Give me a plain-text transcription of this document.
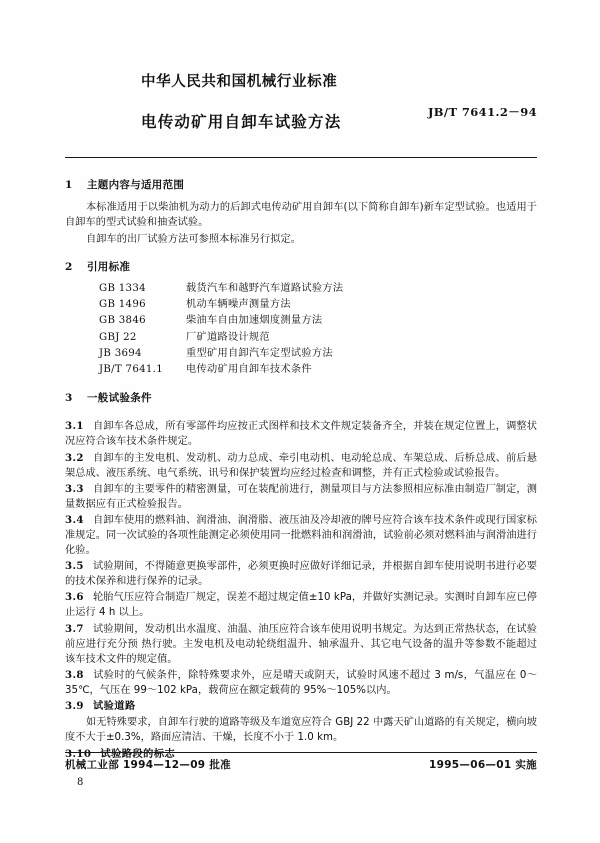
中华人民共和国机械行业标准
JB/T 7641.2－94
电传动矿用自卸车试验方法
1 主题内容与适用范围

本标准适用于以柴油机为动力的后卸式电传动矿用自卸车(以下简称自卸车)新车定型试验。也适用于自卸车的型式试验和抽查试验。

自卸车的出厂试验方法可参照本标准另行拟定。

2 引用标准
GB 1334	载货汽车和越野汽车道路试验方法
GB 1496	机动车辆噪声测量方法
GB 3846	柴油车自由加速烟度测量方法
GBJ 22	厂矿道路设计规范
JB 3694	重型矿用自卸汽车定型试验方法
JB/T 7641.1	电传动矿用自卸车技术条件
3 一般试验条件

3.1 自卸车各总成，所有零部件均应按正式图样和技术文件规定装备齐全，并装在规定位置上，调整状况应符合该车技术条件规定。

3.2 自卸车的主发电机、发动机、动力总成、牵引电动机、电动轮总成、车架总成、后桥总成、前后悬架总成、液压系统、电气系统、讯号和保护装置均应经过检查和调整，并有正式检验或试验报告。

3.3 自卸车的主要零件的精密测量，可在装配前进行，测量项目与方法参照相应标准由制造厂制定，测量数据应有正式检验报告。

3.4 自卸车使用的燃料油、润滑油、润滑脂、液压油及冷却液的牌号应符合该车技术条件或现行国家标准规定。同一次试验的各项性能测定必须使用同一批燃料油和润滑油，试验前必须对燃料油与润滑油进行化验。

3.5 试验期间，不得随意更换零部件，必须更换时应做好详细记录，并根据自卸车使用说明书进行必要的技术保养和进行保养的记录。

3.6 轮胎气压应符合制造厂规定，误差不超过规定值±10 kPa，并做好实测记录。实测时自卸车应已停止运行 4 h 以上。

3.7 试验期间，发动机出水温度、油温、油压应符合该车使用说明书规定。为达到正常热状态，在试验前应进行充分预 热行驶。主发电机及电动轮绕组温升、轴承温升、其它电气设备的温升等参数不能超过该车技术文件的规定值。

3.8 试验时的气候条件，除特殊要求外，应是晴天或阴天，试验时风速不超过 3 m/s，气温应在 0～35℃，气压在 99～102 kPa，载荷应在额定载荷的 95%～105%以内。

3.9 试验道路

如无特殊要求，自卸车行驶的道路等级及车道宽应符合 GBJ 22 中露天矿山道路的有关规定，横向坡度不大于±0.3%，路面应清洁、干燥，长度不小于 1.0 km。

3.10 试验路段的标志

机械工业部 1994—12—09 批准	1995—06—01 实施
8
